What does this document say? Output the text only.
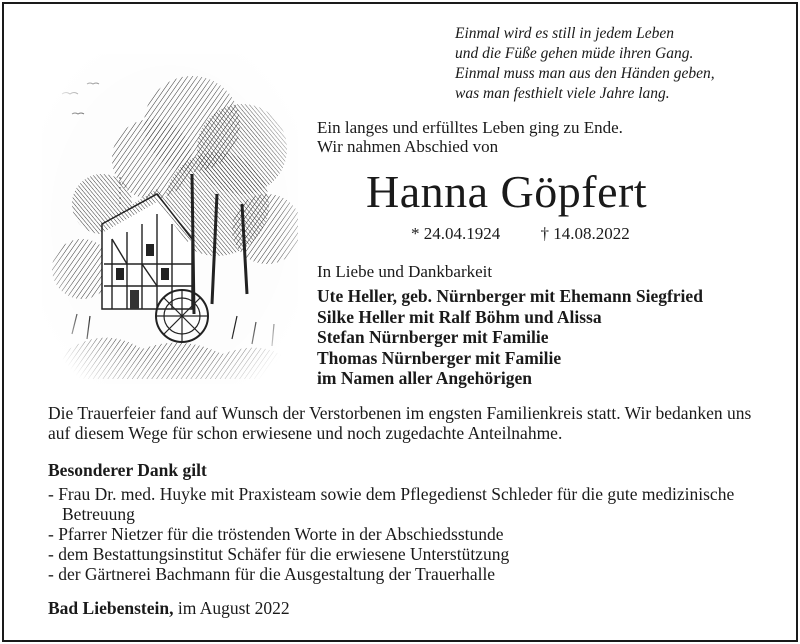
Einmal wird es still in jedem Leben
und die Füße gehen müde ihren Gang.
Einmal muss man aus den Händen geben,
was man festhielt viele Jahre lang.
Ein langes und erfülltes Leben ging zu Ende.
Wir nahmen Abschied von
Hanna Göpfert
* 24.04.1924 † 14.08.2022
In Liebe und Dankbarkeit
Ute Heller, geb. Nürnberger mit Ehemann Siegfried
Silke Heller mit Ralf Böhm und Alissa
Stefan Nürnberger mit Familie
Thomas Nürnberger mit Familie
im Namen aller Angehörigen
Die Trauerfeier fand auf Wunsch der Verstorbenen im engsten Familienkreis statt. Wir bedanken uns auf diesem Wege für schon erwiesene und noch zugedachte Anteilnahme.
Besonderer Dank gilt
- Frau Dr. med. Huyke mit Praxisteam sowie dem Pflegedienst Schleder für die gute medizinische Betreuung
- Pfarrer Nietzer für die tröstenden Worte in der Abschiedsstunde
- dem Bestattungsinstitut Schäfer für die erwiesene Unterstützung
- der Gärtnerei Bachmann für die Ausgestaltung der Trauerhalle
Bad Liebenstein, im August 2022
